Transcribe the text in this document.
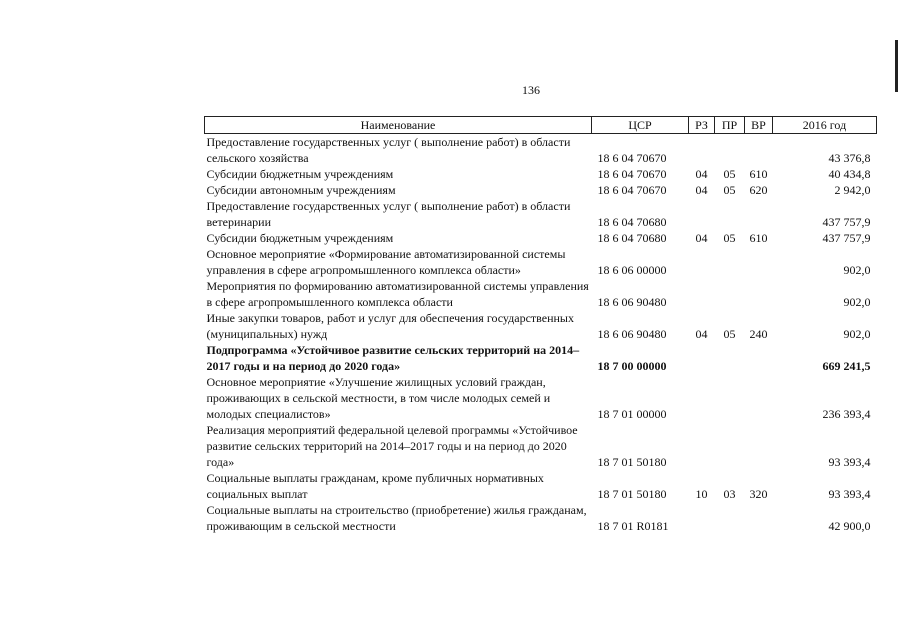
136
Наименование	ЦСР	РЗ	ПР	ВР	2016 год
Предоставление государственных услуг ( выполнение работ) в области сельского хозяйства	18 6 04 70670				43 376,8
Субсидии бюджетным учреждениям	18 6 04 70670	04	05	610	40 434,8
Субсидии автономным учреждениям	18 6 04 70670	04	05	620	2 942,0
Предоставление государственных услуг ( выполнение работ) в области ветеринарии	18 6 04 70680				437 757,9
Субсидии бюджетным учреждениям	18 6 04 70680	04	05	610	437 757,9
Основное мероприятие «Формирование автоматизированной системы управления в сфере агропромышленного комплекса области»	18 6 06 00000				902,0
Мероприятия по формированию автоматизированной системы управления в сфере агропромышленного комплекса области	18 6 06 90480				902,0
Иные закупки товаров, работ и услуг для обеспечения государственных (муниципальных) нужд	18 6 06 90480	04	05	240	902,0
Подпрограмма «Устойчивое развитие сельских территорий на 2014–2017 годы и на период до 2020 года»	18 7 00 00000				669 241,5
Основное мероприятие «Улучшение жилищных условий граждан, проживающих в сельской местности, в том числе молодых семей и молодых специалистов»	18 7 01 00000				236 393,4
Реализация мероприятий федеральной целевой программы «Устойчивое развитие сельских территорий на 2014–2017 годы и на период до 2020 года»	18 7 01 50180				93 393,4
Социальные выплаты гражданам, кроме публичных нормативных социальных выплат	18 7 01 50180	10	03	320	93 393,4
Социальные выплаты на строительство (приобретение) жилья гражданам, проживающим в сельской местности	18 7 01 R0181				42 900,0
